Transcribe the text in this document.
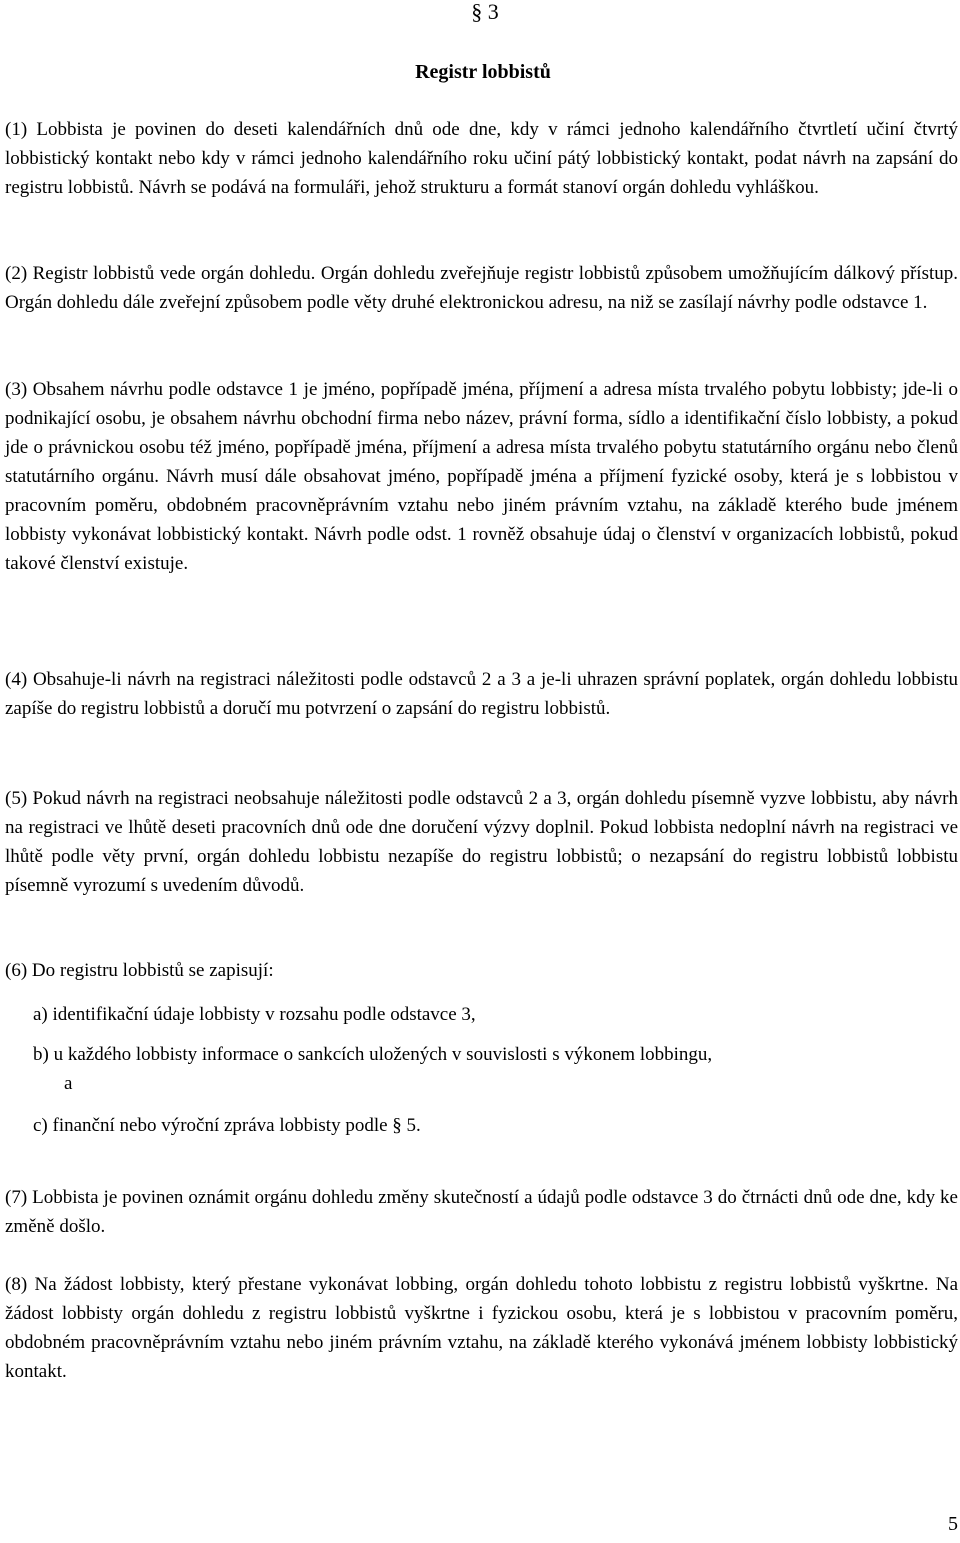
§ 3
Registr lobbistů

(1) Lobbista je povinen do deseti kalendářních dnů ode dne, kdy v rámci jednoho kalendářního čtvrtletí učiní čtvrtý lobbistický kontakt nebo kdy v rámci jednoho kalendářního roku učiní pátý lobbistický kontakt, podat návrh na zapsání do registru lobbistů. Návrh se podává na formuláři, jehož strukturu a formát stanoví orgán dohledu vyhláškou.

(2) Registr lobbistů vede orgán dohledu. Orgán dohledu zveřejňuje registr lobbistů způsobem umožňujícím dálkový přístup. Orgán dohledu dále zveřejní způsobem podle věty druhé elektronickou adresu, na niž se zasílají návrhy podle odstavce 1.

(3) Obsahem návrhu podle odstavce 1 je jméno, popřípadě jména, příjmení a adresa místa trvalého pobytu lobbisty; jde-li o podnikající osobu, je obsahem návrhu obchodní firma nebo název, právní forma, sídlo a identifikační číslo lobbisty, a pokud jde o právnickou osobu též jméno, popřípadě jména, příjmení a adresa místa trvalého pobytu statutárního orgánu nebo členů statutárního orgánu. Návrh musí dále obsahovat jméno, popřípadě jména a příjmení fyzické osoby, která je s lobbistou v pracovním poměru, obdobném pracovněprávním vztahu nebo jiném právním vztahu, na základě kterého bude jménem lobbisty vykonávat lobbistický kontakt. Návrh podle odst. 1 rovněž obsahuje údaj o členství v organizacích lobbistů, pokud takové členství existuje.

(4) Obsahuje-li návrh na registraci náležitosti podle odstavců 2 a 3 a je-li uhrazen správní poplatek, orgán dohledu lobbistu zapíše do registru lobbistů a doručí mu potvrzení o zapsání do registru lobbistů.

(5) Pokud návrh na registraci neobsahuje náležitosti podle odstavců 2 a 3, orgán dohledu písemně vyzve lobbistu, aby návrh na registraci ve lhůtě deseti pracovních dnů ode dne doručení výzvy doplnil. Pokud lobbista nedoplní návrh na registraci ve lhůtě podle věty první, orgán dohledu lobbistu nezapíše do registru lobbistů; o nezapsání do registru lobbistů lobbistu písemně vyrozumí s uvedením důvodů.

(6) Do registru lobbistů se zapisují:

a) identifikační údaje lobbisty v rozsahu podle odstavce 3,
b) u každého lobbisty informace o sankcích uložených v souvislosti s výkonem lobbingu,
a
c) finanční nebo výroční zpráva lobbisty podle § 5.

(7) Lobbista je povinen oznámit orgánu dohledu změny skutečností a údajů podle odstavce 3 do čtrnácti dnů ode dne, kdy ke změně došlo.

(8) Na žádost lobbisty, který přestane vykonávat lobbing, orgán dohledu tohoto lobbistu z registru lobbistů vyškrtne. Na žádost lobbisty orgán dohledu z registru lobbistů vyškrtne i fyzickou osobu, která je s lobbistou v pracovním poměru, obdobném pracovněprávním vztahu nebo jiném právním vztahu, na základě kterého vykonává jménem lobbisty lobbistický kontakt.

5
